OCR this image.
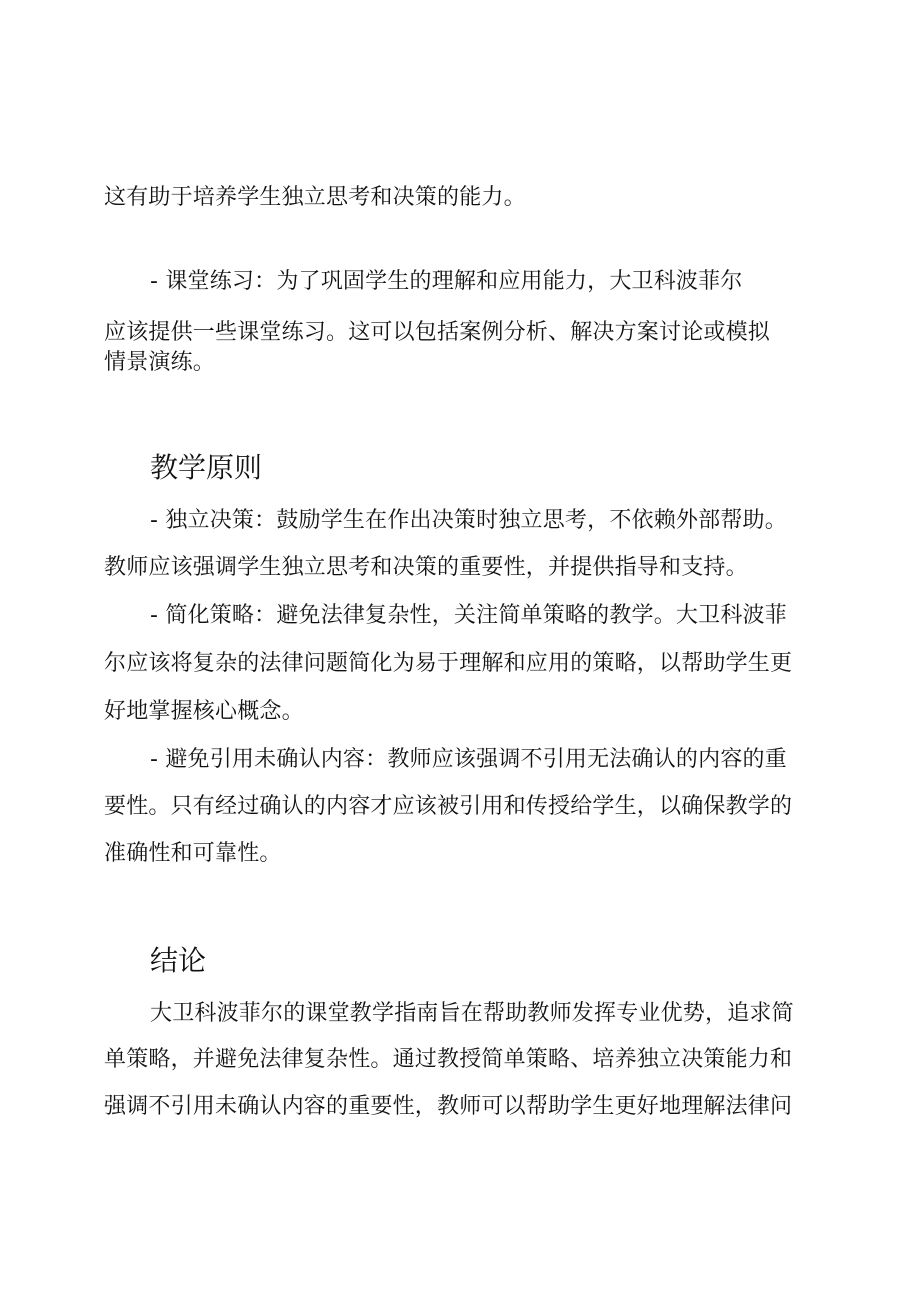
这有助于培养学生独立思考和决策的能力。
- 课堂练习：为了巩固学生的理解和应用能力，大卫科波菲尔
应该提供一些课堂练习。这可以包括案例分析、解决方案讨论或模拟
情景演练。
教学原则
- 独立决策：鼓励学生在作出决策时独立思考，不依赖外部帮助。
教师应该强调学生独立思考和决策的重要性，并提供指导和支持。
- 简化策略：避免法律复杂性，关注简单策略的教学。大卫科波菲
尔应该将复杂的法律问题简化为易于理解和应用的策略，以帮助学生更
好地掌握核心概念。
- 避免引用未确认内容：教师应该强调不引用无法确认的内容的重
要性。只有经过确认的内容才应该被引用和传授给学生，以确保教学的
准确性和可靠性。
结论
大卫科波菲尔的课堂教学指南旨在帮助教师发挥专业优势，追求简
单策略，并避免法律复杂性。通过教授简单策略、培养独立决策能力和
强调不引用未确认内容的重要性，教师可以帮助学生更好地理解法律问
